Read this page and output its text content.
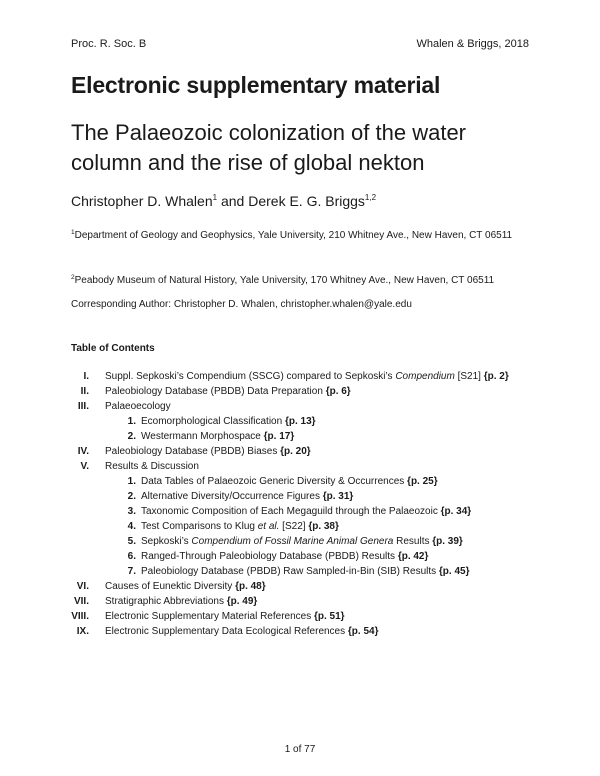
Proc. R. Soc. B	Whalen & Briggs, 2018
Electronic supplementary material
The Palaeozoic colonization of the water column and the rise of global nekton
Christopher D. Whalen$^1$ and Derek E. G. Briggs$^{1,2}$
$^1$Department of Geology and Geophysics, Yale University, 210 Whitney Ave., New Haven, CT 06511
$^2$Peabody Museum of Natural History, Yale University, 170 Whitney Ave., New Haven, CT 06511
Corresponding Author: Christopher D. Whalen, christopher.whalen@yale.edu
Table of Contents
I. Suppl. Sepkoski’s Compendium (SSCG) compared to Sepkoski’s Compendium [S21] {p. 2}
II. Paleobiology Database (PBDB) Data Preparation {p. 6}
III. Palaeoecology
1. Ecomorphological Classification {p. 13}
2. Westermann Morphospace {p. 17}
IV. Paleobiology Database (PBDB) Biases {p. 20}
V. Results & Discussion
1. Data Tables of Palaeozoic Generic Diversity & Occurrences {p. 25}
2. Alternative Diversity/Occurrence Figures {p. 31}
3. Taxonomic Composition of Each Megaguild through the Palaeozoic {p. 34}
4. Test Comparisons to Klug et al. [S22] {p. 38}
5. Sepkoski’s Compendium of Fossil Marine Animal Genera Results {p. 39}
6. Ranged-Through Paleobiology Database (PBDB) Results {p. 42}
7. Paleobiology Database (PBDB) Raw Sampled-in-Bin (SIB) Results {p. 45}
VI. Causes of Eunektic Diversity {p. 48}
VII. Stratigraphic Abbreviations {p. 49}
VIII. Electronic Supplementary Material References {p. 51}
IX. Electronic Supplementary Data Ecological References {p. 54}
1 of 77
